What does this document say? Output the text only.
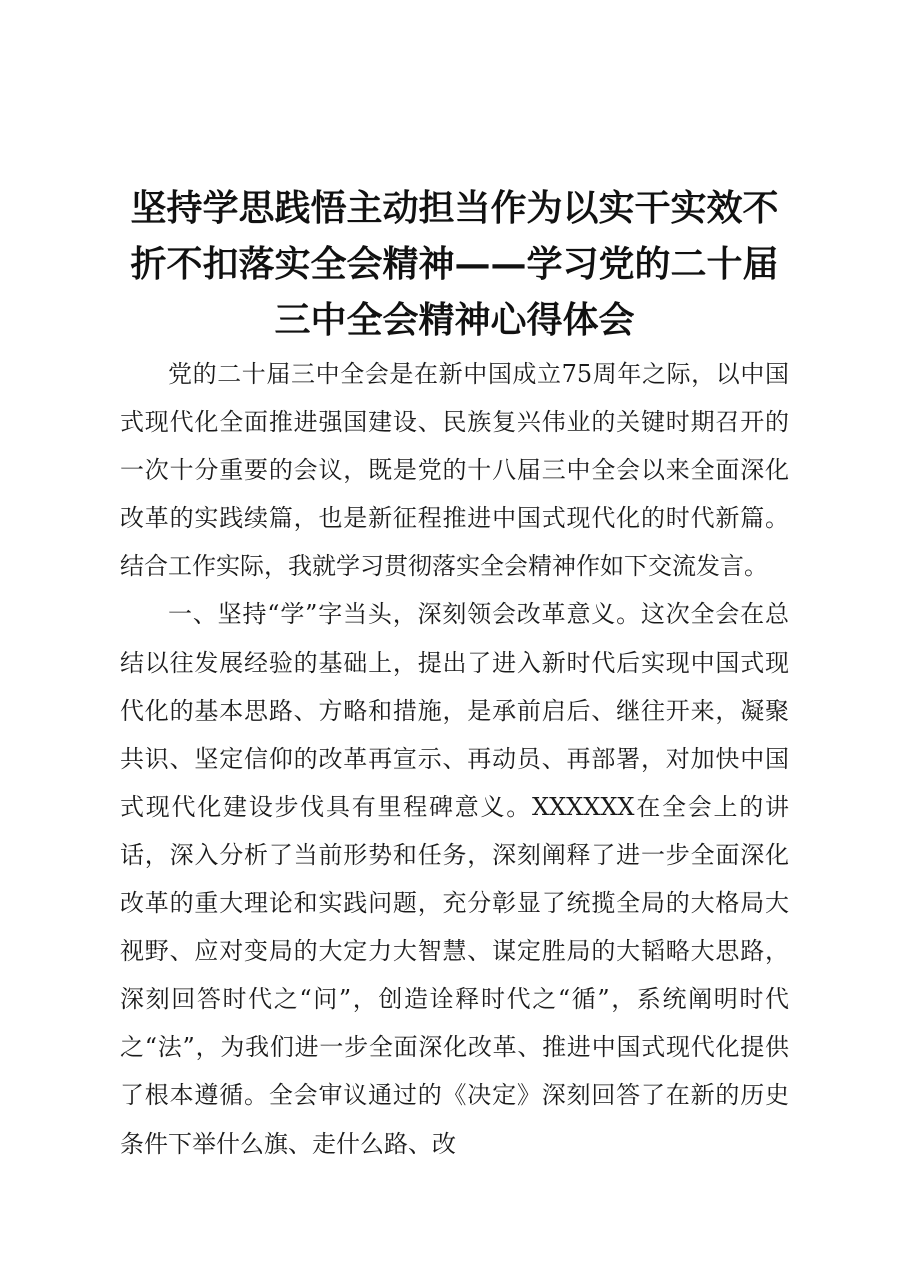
坚持学思践悟主动担当作为以实干实效不折不扣落实全会精神——学习党的二十届三中全会精神心得体会

党的二十届三中全会是在新中国成立75周年之际，以中国式现代化全面推进强国建设、民族复兴伟业的关键时期召开的一次十分重要的会议，既是党的十八届三中全会以来全面深化改革的实践续篇，也是新征程推进中国式现代化的时代新篇。结合工作实际，我就学习贯彻落实全会精神作如下交流发言。

一、坚持“学”字当头，深刻领会改革意义。这次全会在总结以往发展经验的基础上，提出了进入新时代后实现中国式现代化的基本思路、方略和措施，是承前启后、继往开来，凝聚共识、坚定信仰的改革再宣示、再动员、再部署，对加快中国式现代化建设步伐具有里程碑意义。XXXXXX在全会上的讲话，深入分析了当前形势和任务，深刻阐释了进一步全面深化改革的重大理论和实践问题，充分彰显了统揽全局的大格局大视野、应对变局的大定力大智慧、谋定胜局的大韬略大思路，深刻回答时代之“问”，创造诠释时代之“循”，系统阐明时代之“法”，为我们进一步全面深化改革、推进中国式现代化提供了根本遵循。全会审议通过的《决定》深刻回答了在新的历史条件下举什么旗、走什么路、改
